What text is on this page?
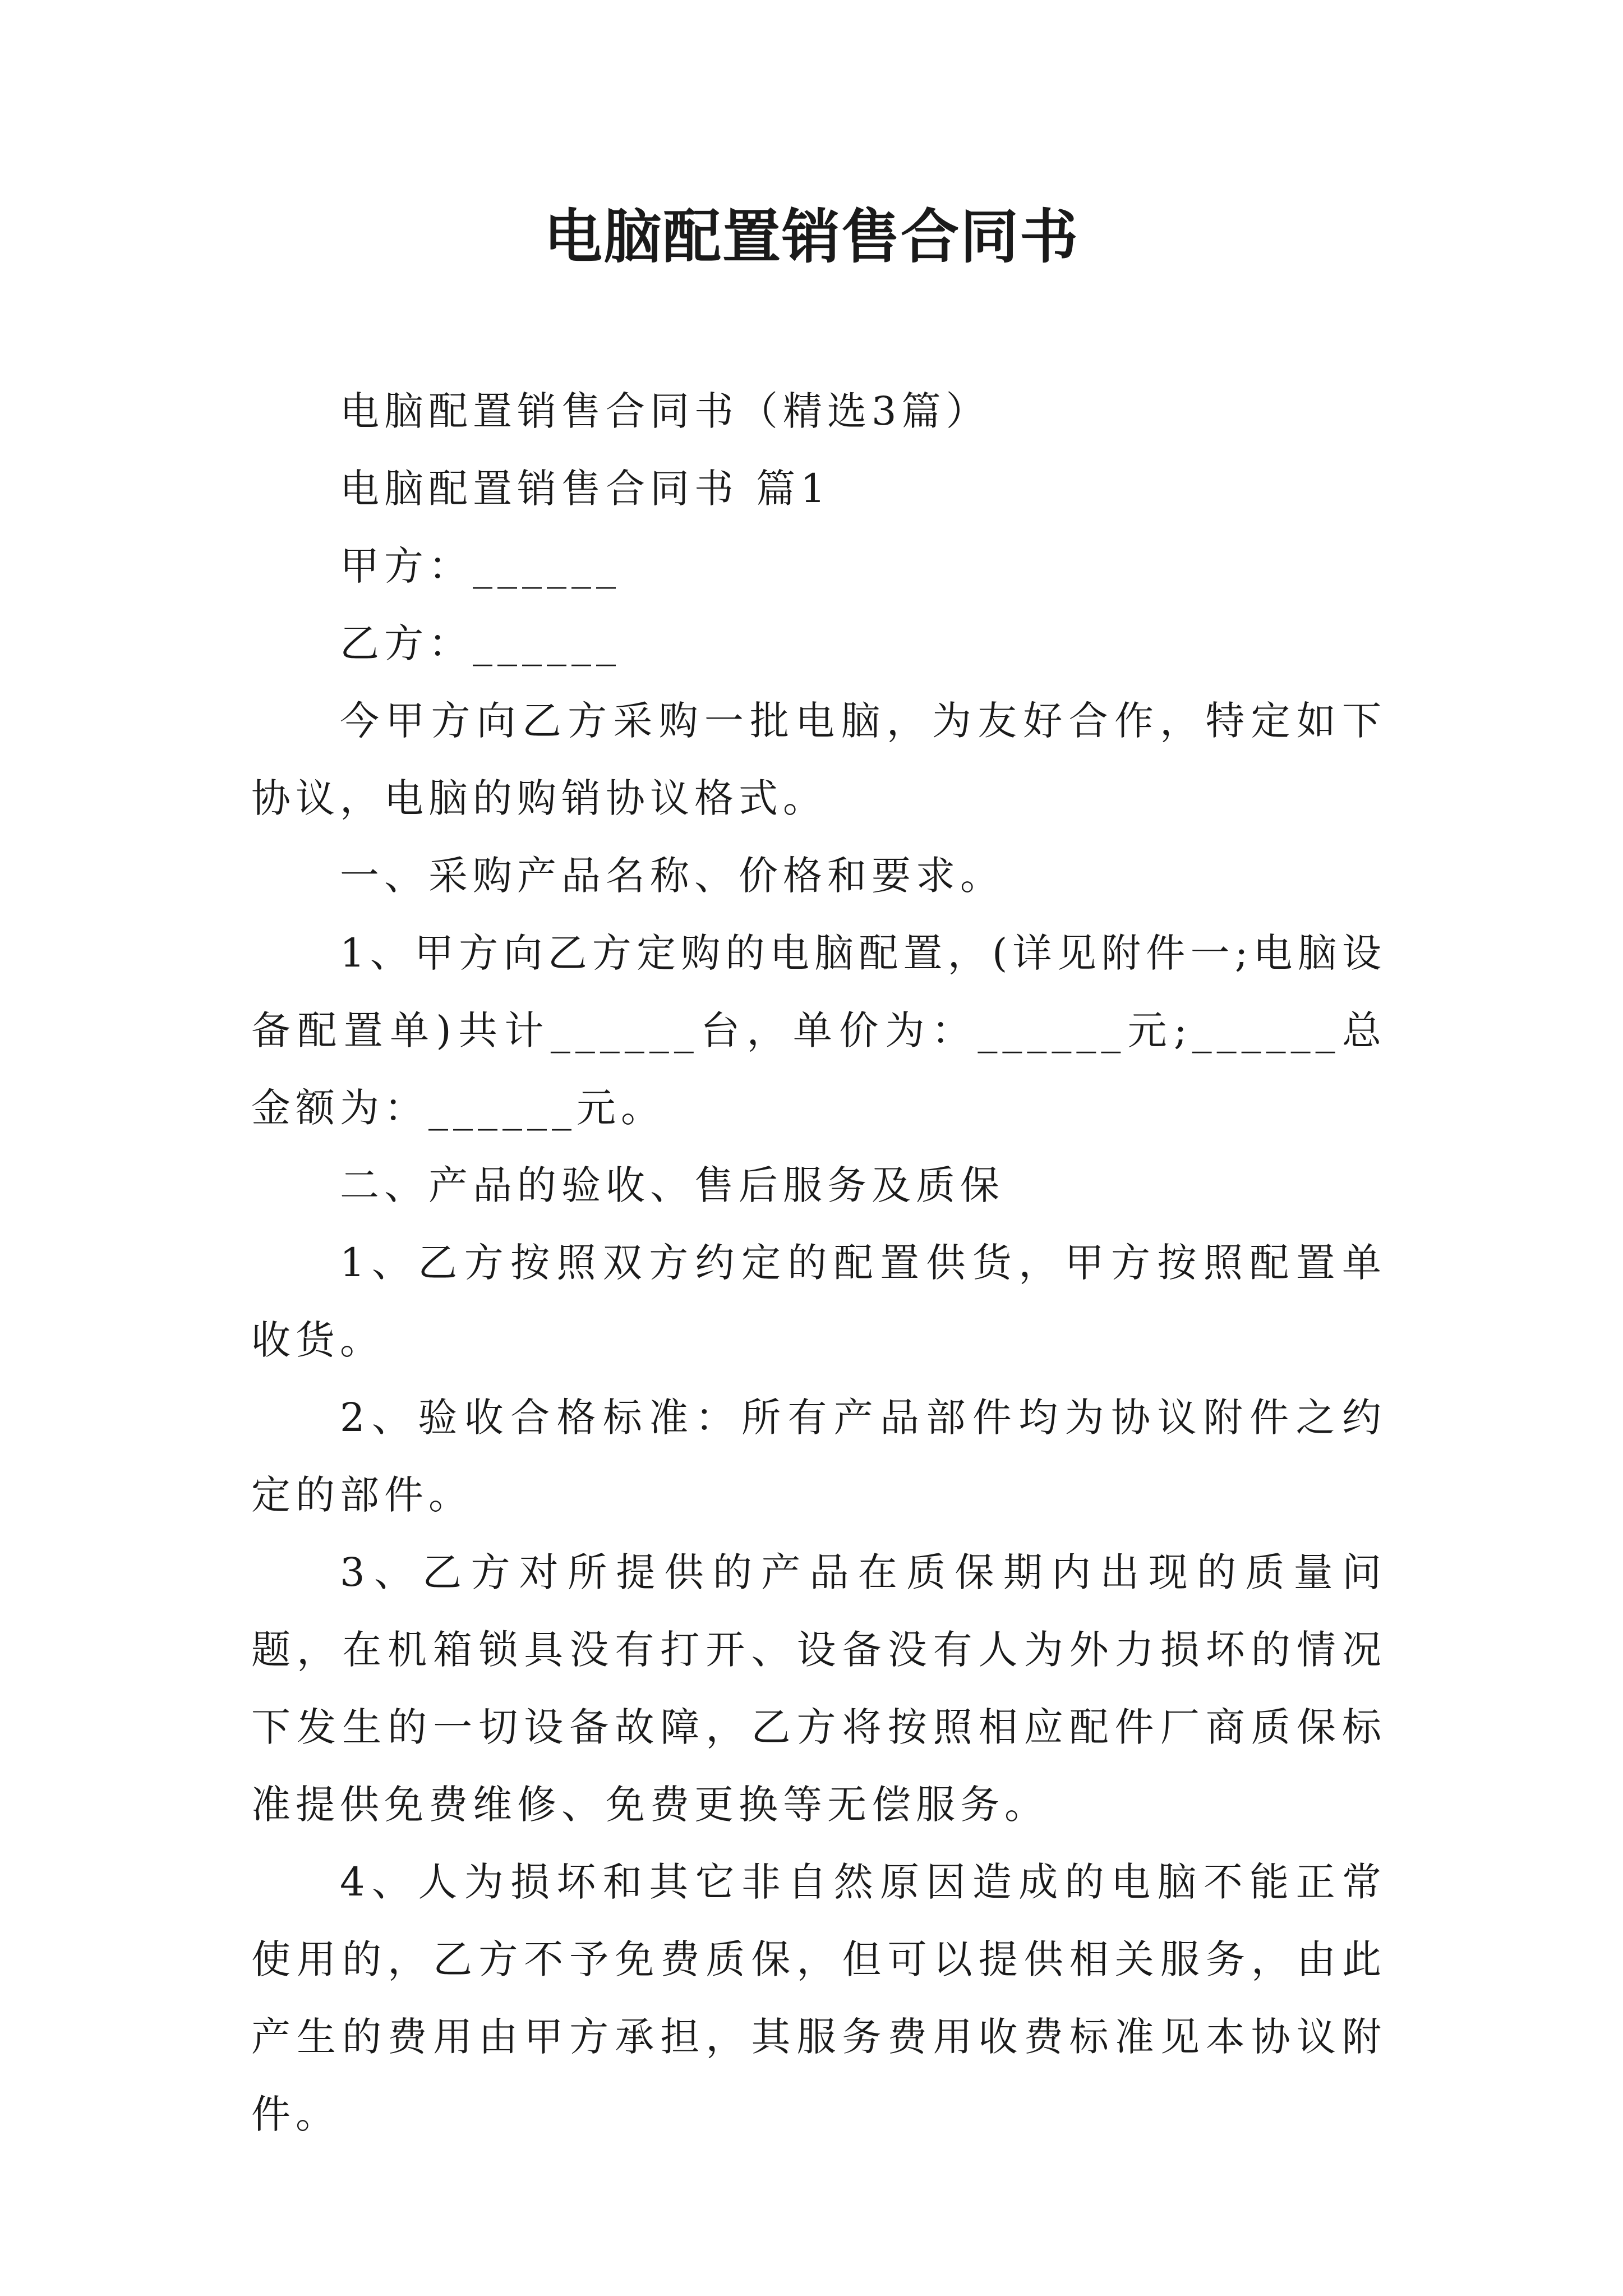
电脑配置销售合同书

电脑配置销售合同书（精选3篇）

电脑配置销售合同书 篇1

甲方：______

乙方：______

今甲方向乙方采购一批电脑，为友好合作，特定如下协议，电脑的购销协议格式。

一、采购产品名称、价格和要求。

1、甲方向乙方定购的电脑配置，(详见附件一;电脑设备配置单)共计______台，单价为：______元;______总金额为：______元。

二、产品的验收、售后服务及质保

1、乙方按照双方约定的配置供货，甲方按照配置单收货。

2、验收合格标准：所有产品部件均为协议附件之约定的部件。

3、乙方对所提供的产品在质保期内出现的质量问题，在机箱锁具没有打开、设备没有人为外力损坏的情况下发生的一切设备故障，乙方将按照相应配件厂商质保标准提供免费维修、免费更换等无偿服务。

4、人为损坏和其它非自然原因造成的电脑不能正常使用的，乙方不予免费质保，但可以提供相关服务，由此产生的费用由甲方承担，其服务费用收费标准见本协议附件。
